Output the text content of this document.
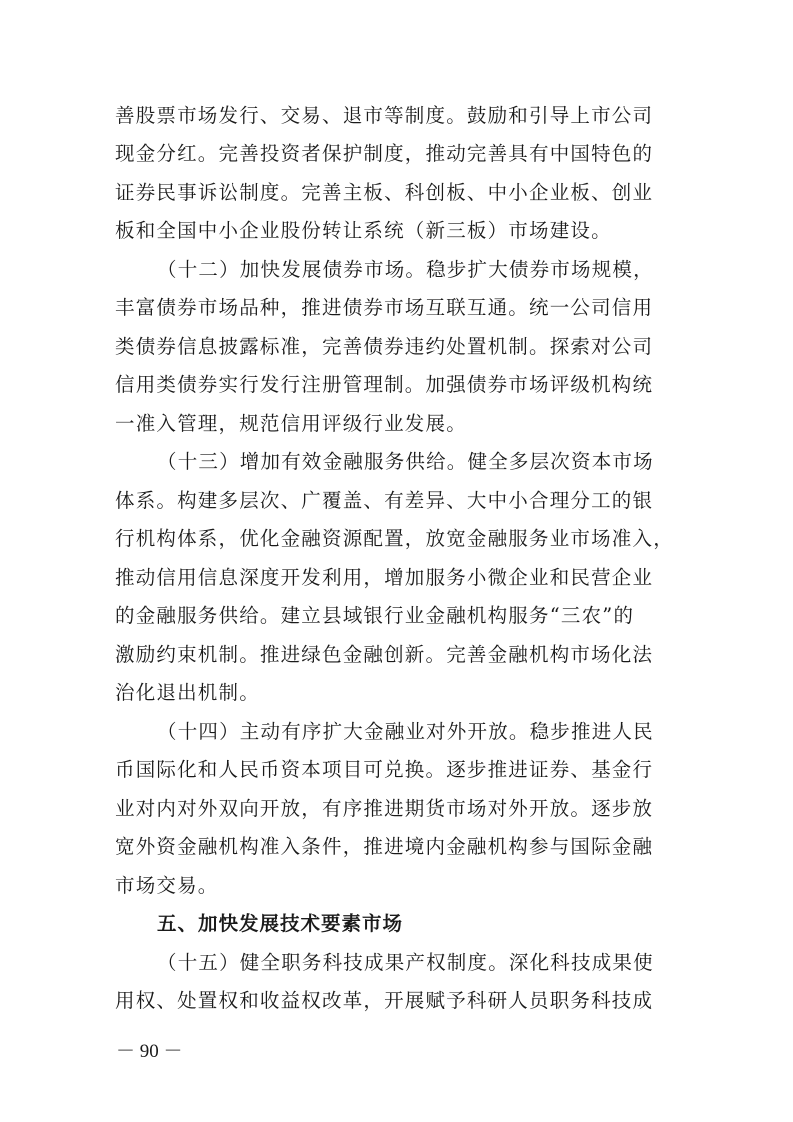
善股票市场发行、交易、退市等制度。鼓励和引导上市公司
现金分红。完善投资者保护制度，推动完善具有中国特色的
证券民事诉讼制度。完善主板、科创板、中小企业板、创业
板和全国中小企业股份转让系统（新三板）市场建设。
（十二）加快发展债券市场。稳步扩大债券市场规模，
丰富债券市场品种，推进债券市场互联互通。统一公司信用
类债券信息披露标准，完善债券违约处置机制。探索对公司
信用类债券实行发行注册管理制。加强债券市场评级机构统
一准入管理，规范信用评级行业发展。
（十三）增加有效金融服务供给。健全多层次资本市场
体系。构建多层次、广覆盖、有差异、大中小合理分工的银
行机构体系，优化金融资源配置，放宽金融服务业市场准入，
推动信用信息深度开发利用，增加服务小微企业和民营企业
的金融服务供给。建立县域银行业金融机构服务“三农”的
激励约束机制。推进绿色金融创新。完善金融机构市场化法
治化退出机制。
（十四）主动有序扩大金融业对外开放。稳步推进人民
币国际化和人民币资本项目可兑换。逐步推进证券、基金行
业对内对外双向开放，有序推进期货市场对外开放。逐步放
宽外资金融机构准入条件，推进境内金融机构参与国际金融
市场交易。
五、加快发展技术要素市场
（十五）健全职务科技成果产权制度。深化科技成果使
用权、处置权和收益权改革，开展赋予科研人员职务科技成
－ 90 －
